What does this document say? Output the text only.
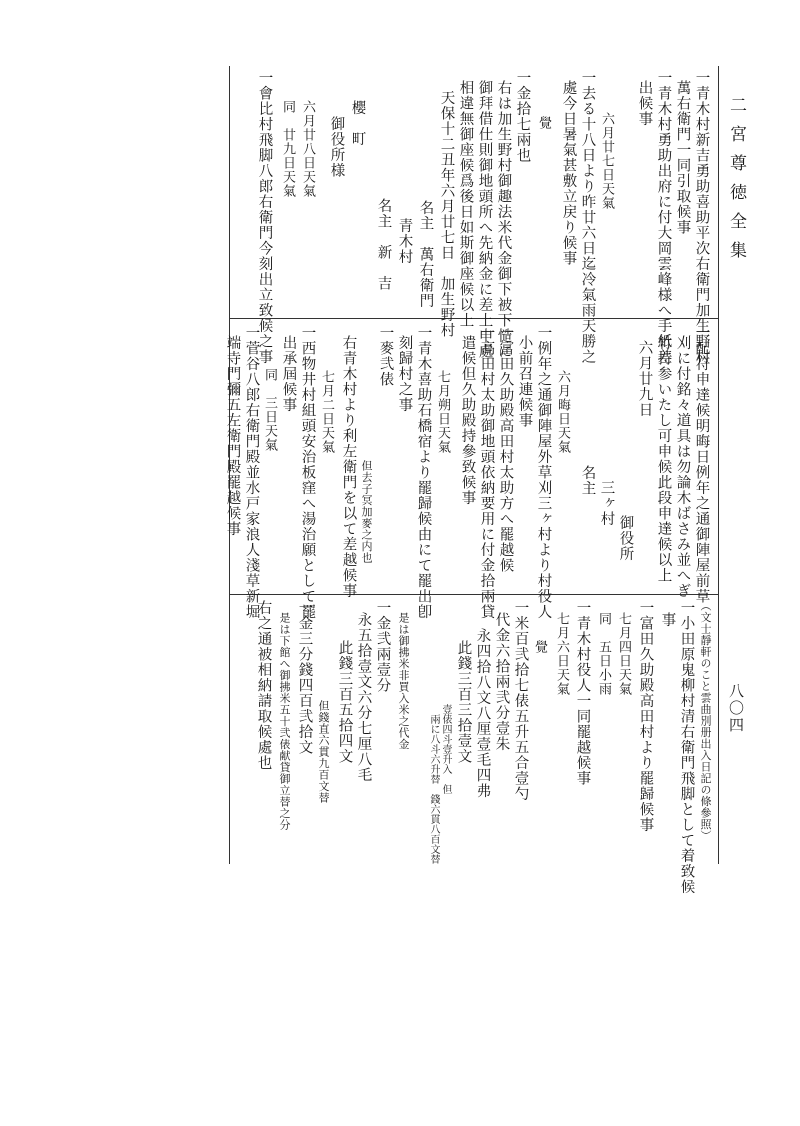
二宮尊徳全集
八〇四
一青木村新吉勇助喜助平次右衛門加生野村
萬右衛門一同引取候事
一青木村勇助出府に付大岡雲峰様へ手紙差
出候事
六月廿七日天氣
一去る十八日より昨廿六日迄冷氣雨天勝之
處今日暑氣甚敷立戻り候事
覺
一金拾七兩也
右は加生野村御趣法米代金御下被下慥に
御拜借仕則御地頭所へ先納金に差上申處
相違無御座候爲後日如斯御座候以上
天保十二丑年六月廿七日　加生野村
名主　萬右衛門
青木村
名主　新　吉
櫻　町
御役所様
六月廿八日天氣
同　廿九日天氣
一會比村飛脚八郎右衛門今刻出立致候之事
一配符申達候明晦日例年之通御陣屋前草
刈に付銘々道具は勿論木ばさみ並へぎ
竹持参いたし可申候此段申達候以上
六月廿九日
御役所
三ヶ村
名主
六月晦日天氣
一例年之通御陣屋外草刈三ヶ村より村役人
小前召連候事
一富田久助殿高田村太助方へ罷越候
一高田村太助御地頭依納要用に付金拾兩貸
遣候但久助殿持參致候事
七月朔日天氣
一青木喜助石橋宿より罷歸候由にて罷出卽
刻歸村之事
一麥弐俵
但去子冥加麥之内也
右青木村より利左衛門を以て差越候事
七月二日天氣
一西物井村組頭安治板窪へ湯治願として罷
出承屆候事
同　三日天氣
一菅谷八郎右衛門殿並水戸家浪人淺草新堀
端寺門彌五左衛門殿罷越候事
（文士靜軒のこと雲曲別册出入日記の條參照）
一小田原鬼柳村清右衛門飛脚として着致候
事
一富田久助殿高田村より罷歸候事
七月四日天氣
同　五日小雨
一青木村役人一同罷越候事
七月六日天氣
覺
一米百弐拾七俵五升五合壹勺
代金六拾兩弐分壹朱
永四拾八文八厘壹毛四弗
此錢三百三拾壹文
壹俵四斗壹升入　但
兩に八斗六升替　錢六貫八百文替
是は御拂米非買入米之代金
一金弐兩壹分
永五拾壹文六分七厘八毛
此錢三百五拾四文
但錢直六貫九百文替
一金三分錢四百弐拾文
是は下館へ御拂米五十弐俵献貸御立替之分
右之通被相納請取候處也
